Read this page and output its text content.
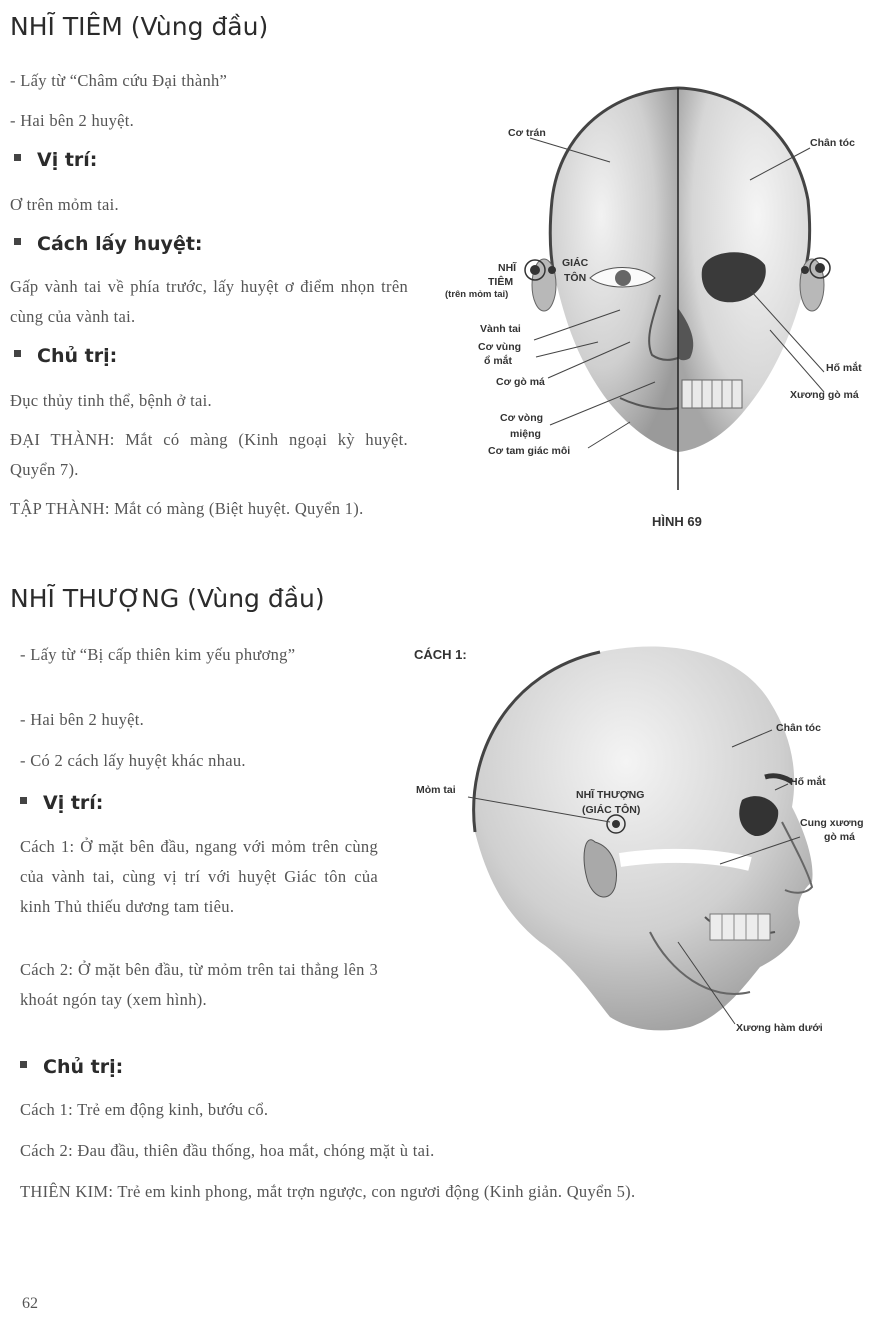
NHĨ TIÊM (Vùng đầu)

- Lấy từ “Châm cứu Đại thành”

- Hai bên 2 huyệt.

Vị trí:

Ơ trên mỏm tai.

Cách lấy huyệt:

Gấp vành tai về phía trước, lấy huyệt ơ điểm nhọn trên cùng của vành tai.

Chủ trị:

Đục thủy tinh thể, bệnh ở tai.

ĐẠI THÀNH: Mắt có màng (Kinh ngoại kỳ huyệt. Quyển 7).

TẬP THÀNH: Mắt có màng (Biệt huyệt. Quyển 1).

Cơ trán
Chân tóc
NHĨ
TIÊM
(trên mỏm tai)
GIÁC
TÔN
Vành tai
Cơ vùng
ổ mắt
Cơ gò má
Cơ vòng
miệng
Cơ tam giác môi
Hố mắt
Xương gò má
HÌNH 69
NHĨ THƯỢNG (Vùng đầu)

- Lấy từ “Bị cấp thiên kim yếu phương”

- Hai bên 2 huyệt.

- Có 2 cách lấy huyệt khác nhau.

Vị trí:

Cách 1: Ở mặt bên đầu, ngang với mỏm trên cùng của vành tai, cùng vị trí với huyệt Giác tôn của kinh Thủ thiếu dương tam tiêu.

Cách 2: Ở mặt bên đầu, từ mỏm trên tai thẳng lên 3 khoát ngón tay (xem hình).

Chủ trị:

Cách 1: Trẻ em động kinh, bướu cổ.

Cách 2: Đau đầu, thiên đầu thống, hoa mắt, chóng mặt ù tai.

THIÊN KIM: Trẻ em kinh phong, mắt trợn ngược, con ngươi động (Kinh giản. Quyển 5).

CÁCH 1:
Chân tóc
Hố mắt
Cung xương
gò má
Mỏm tai	NHĨ THƯỢNG
(GIÁC TÔN)
Xương hàm dưới
62
